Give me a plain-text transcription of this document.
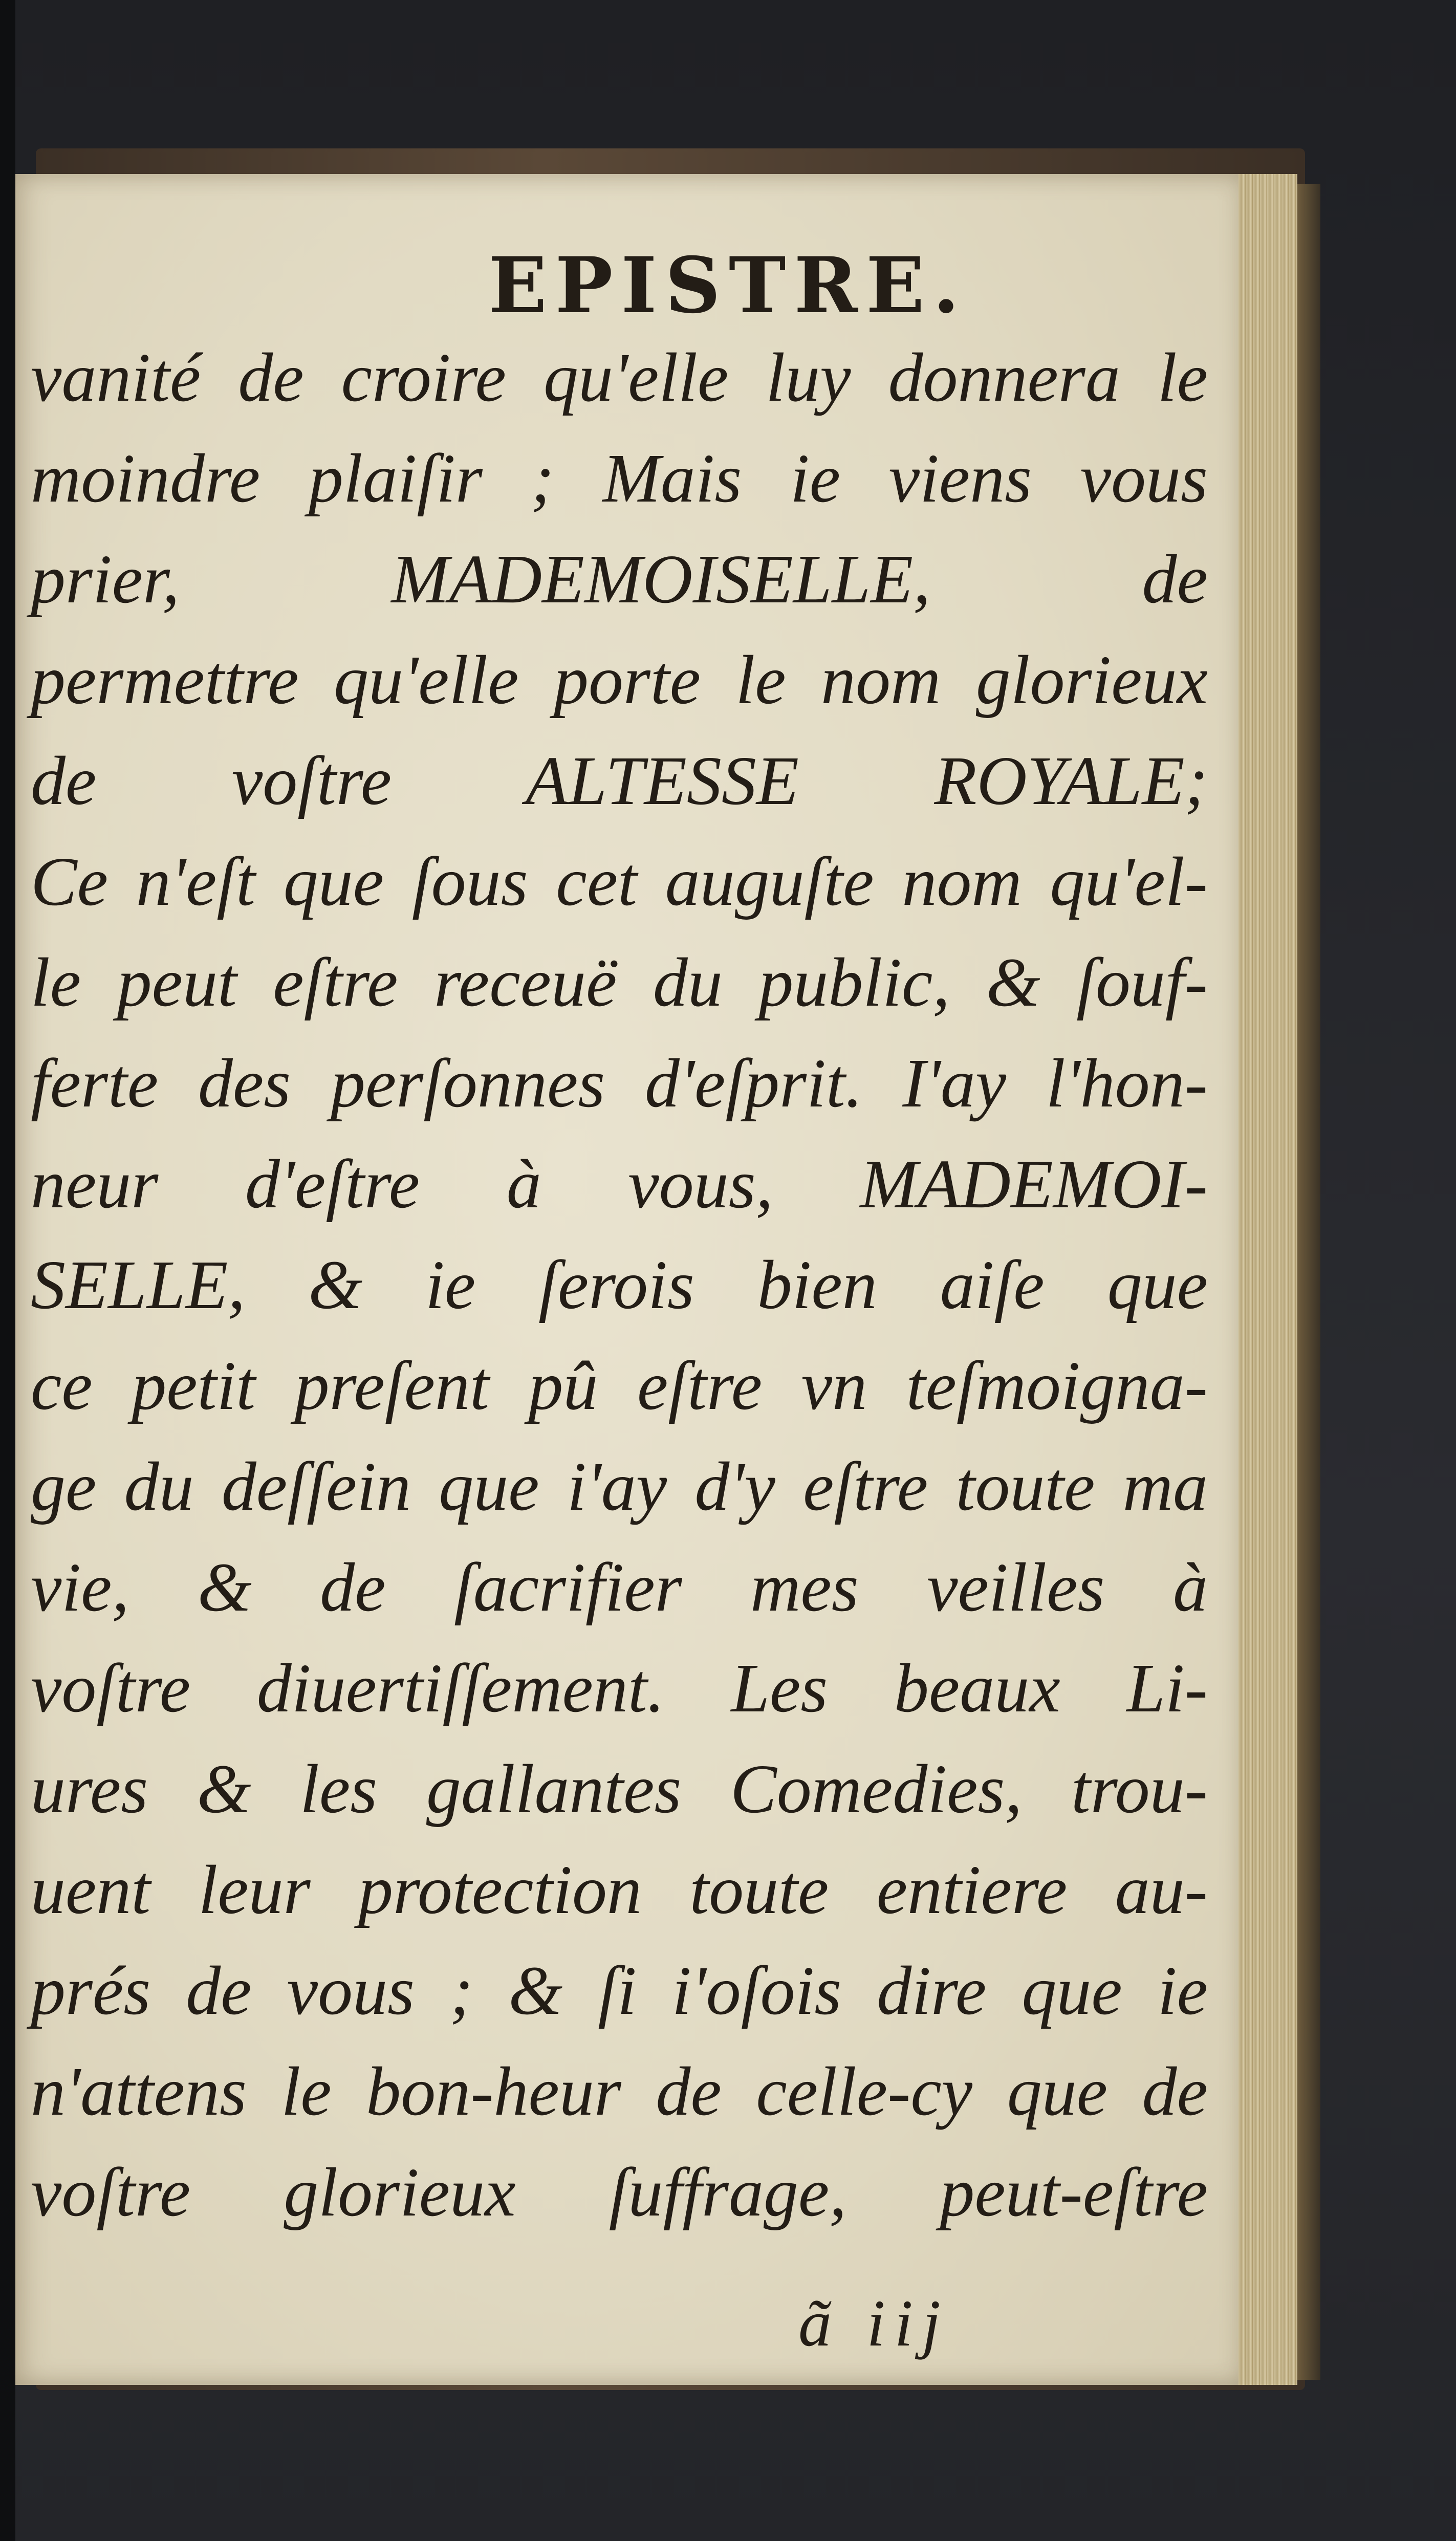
EPISTRE.
vanité de croire qu'elle luy donnera le
moindre plaiſir ; Mais ie viens vous
prier, MADEMOISELLE, de
permettre qu'elle porte le nom glorieux
de voſtre ALTESSE ROYALE;
Ce n'eſt que ſous cet auguſte nom qu'el-
le peut eſtre receuë du public, & ſouf-
ferte des perſonnes d'eſprit. I'ay l'hon-
neur d'eſtre à vous, MADEMOI-
SELLE, & ie ſerois bien aiſe que
ce petit preſent pû eſtre vn teſmoigna-
ge du deſſein que i'ay d'y eſtre toute ma
vie, & de ſacrifier mes veilles à
voſtre diuertiſſement. Les beaux Li-
ures & les gallantes Comedies, trou-
uent leur protection toute entiere au-
prés de vous ; & ſi i'oſois dire que ie
n'attens le bon-heur de celle-cy que de
voſtre glorieux ſuffrage, peut-eſtre
ã iij
